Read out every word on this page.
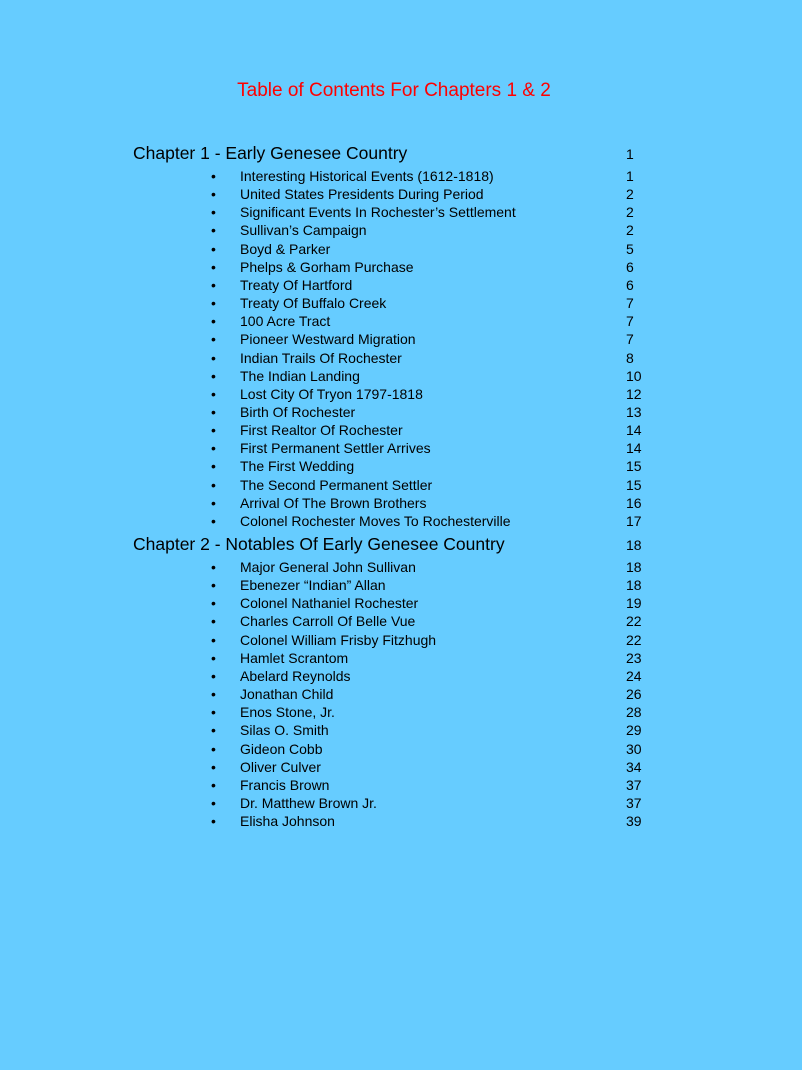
Table of Contents For Chapters 1 & 2
Chapter 1 - Early Genesee Country	1
• Interesting Historical Events (1612-1818)	1
• United States Presidents During Period	2
• Significant Events In Rochester’s Settlement	2
• Sullivan’s Campaign	2
• Boyd & Parker	5
• Phelps & Gorham Purchase	6
• Treaty Of Hartford	6
• Treaty Of Buffalo Creek	7
• 100 Acre Tract	7
• Pioneer Westward Migration	7
• Indian Trails Of Rochester	8
• The Indian Landing	10
• Lost City Of Tryon 1797-1818	12
• Birth Of Rochester	13
• First Realtor Of Rochester	14
• First Permanent Settler Arrives	14
• The First Wedding	15
• The Second Permanent Settler	15
• Arrival Of The Brown Brothers	16
• Colonel Rochester Moves To Rochesterville	17
Chapter 2 - Notables Of Early Genesee Country	18
• Major General John Sullivan	18
• Ebenezer “Indian” Allan	18
• Colonel Nathaniel Rochester	19
• Charles Carroll Of Belle Vue	22
• Colonel William Frisby Fitzhugh	22
• Hamlet Scrantom	23
• Abelard Reynolds	24
• Jonathan Child	26
• Enos Stone, Jr.	28
• Silas O. Smith	29
• Gideon Cobb	30
• Oliver Culver	34
• Francis Brown	37
• Dr. Matthew Brown Jr.	37
• Elisha Johnson	39
